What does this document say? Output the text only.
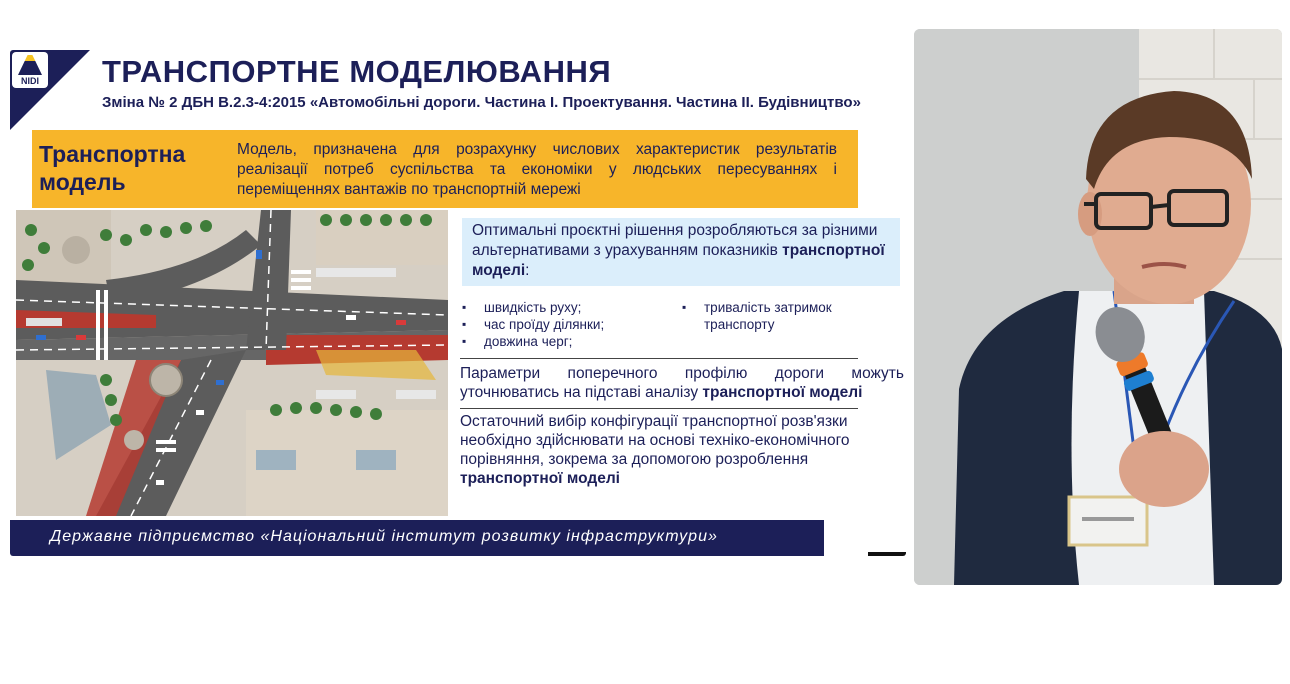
NIDI ТРАНСПОРТНЕ МОДЕЛЮВАННЯ
Зміна № 2 ДБН В.2.3-4:2015 «Автомобільні дороги. Частина І. Проектування. Частина ІІ. Будівництво»
Транспортна
модель
Модель, призначена для розрахунку числових характеристик результатів реалізації потреб суспільства та економіки у людських пересуваннях і переміщеннях вантажів по транспортній мережі
Оптимальні проєктні рішення розробляються за різними альтернативами з урахуванням показників транспортної моделі:
▪ швидкість руху;
▪ час проїду ділянки;
▪ довжина черг;
▪ тривалість затримок транспорту
Параметри поперечного профілю дороги можуть уточнюватись на підставі аналізу транспортної моделі
Остаточний вибір конфігурації транспортної розв'язки необхідно здійснювати на основі техніко-економічного порівняння, зокрема за допомогою розроблення транспортної моделі
Державне підприємство «Національний інститут розвитку інфраструктури»
